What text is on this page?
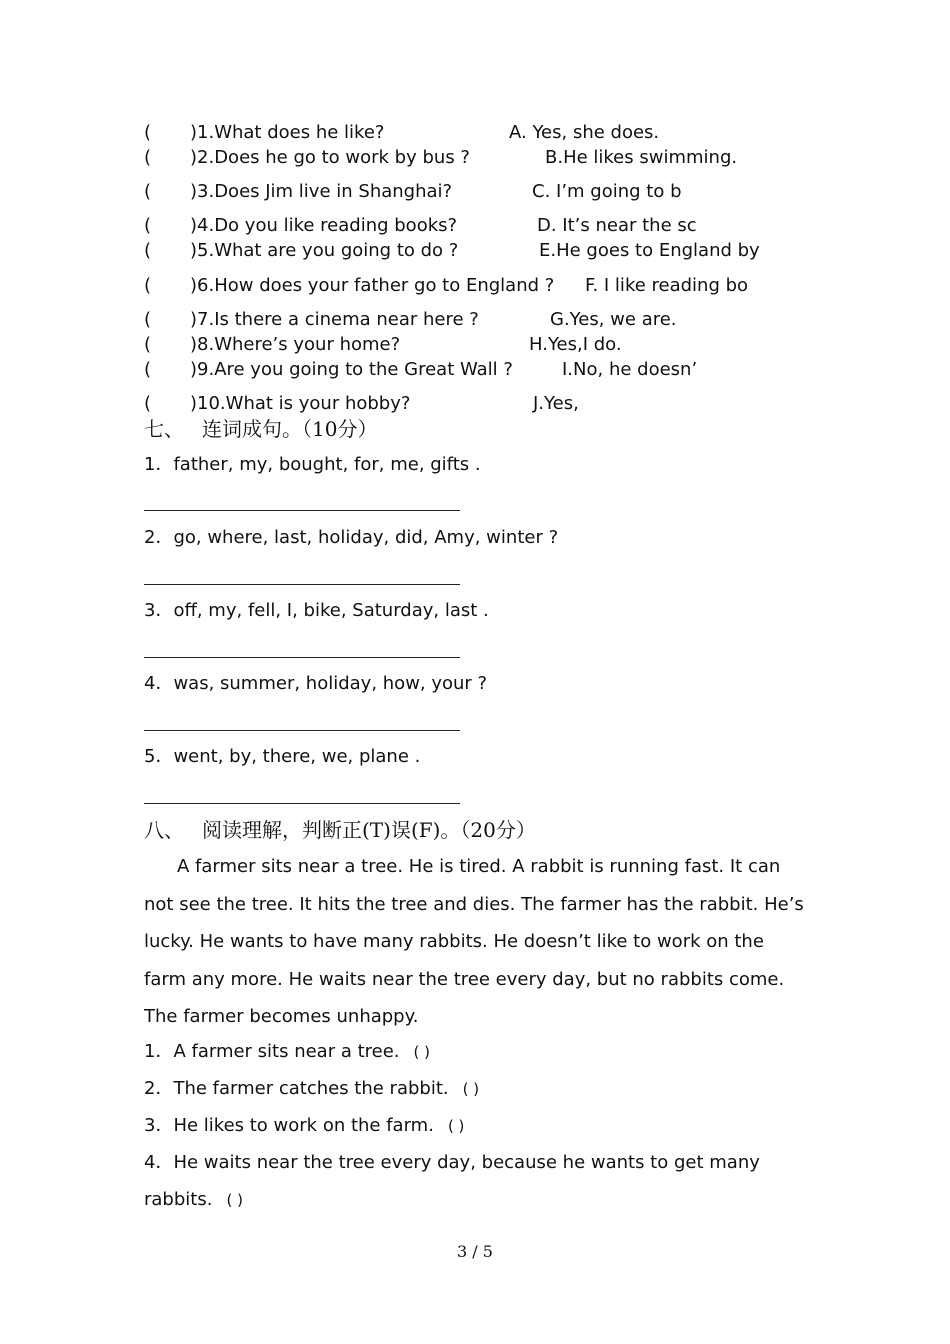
( )1.What does he like?	A. Yes, she does.
( )2.Does he go to work by bus ?	B.He likes swimming.
( )3.Does Jim live in Shanghai?	C. I’m going to b
( )4.Do you like reading books?	D. It’s near the sc
( )5.What are you going to do ?	E.He goes to England by
( )6.How does your father go to England ? F. I like reading bo
( )7.Is there a cinema near here ?	G.Yes, we are.
( )8.Where’s your home?	H.Yes,I do.
( )9.Are you going to the Great Wall ?	I.No, he doesn’
( )10.What is your hobby?	J.Yes,
七、 连词成句。（10分）
1．father, my, bought, for, me, gifts .
2．go, where, last, holiday, did, Amy, winter ?
3．off, my, fell, I, bike, Saturday, last .
4．was, summer, holiday, how, your ?
5．went, by, there, we, plane .
八、 阅读理解，判断正(T)误(F)。（20分）

A farmer sits near a tree. He is tired. A rabbit is running fast. It can not see the tree. It hits the tree and dies. The farmer has the rabbit. He’s lucky. He wants to have many rabbits. He doesn’t like to work on the farm any more. He waits near the tree every day, but no rabbits come. The farmer becomes unhappy.

1．A farmer sits near a tree. ( )
2．The farmer catches the rabbit. ( )
3．He likes to work on the farm. ( )
4．He waits near the tree every day, because he wants to get many rabbits. ( )
3 / 5
